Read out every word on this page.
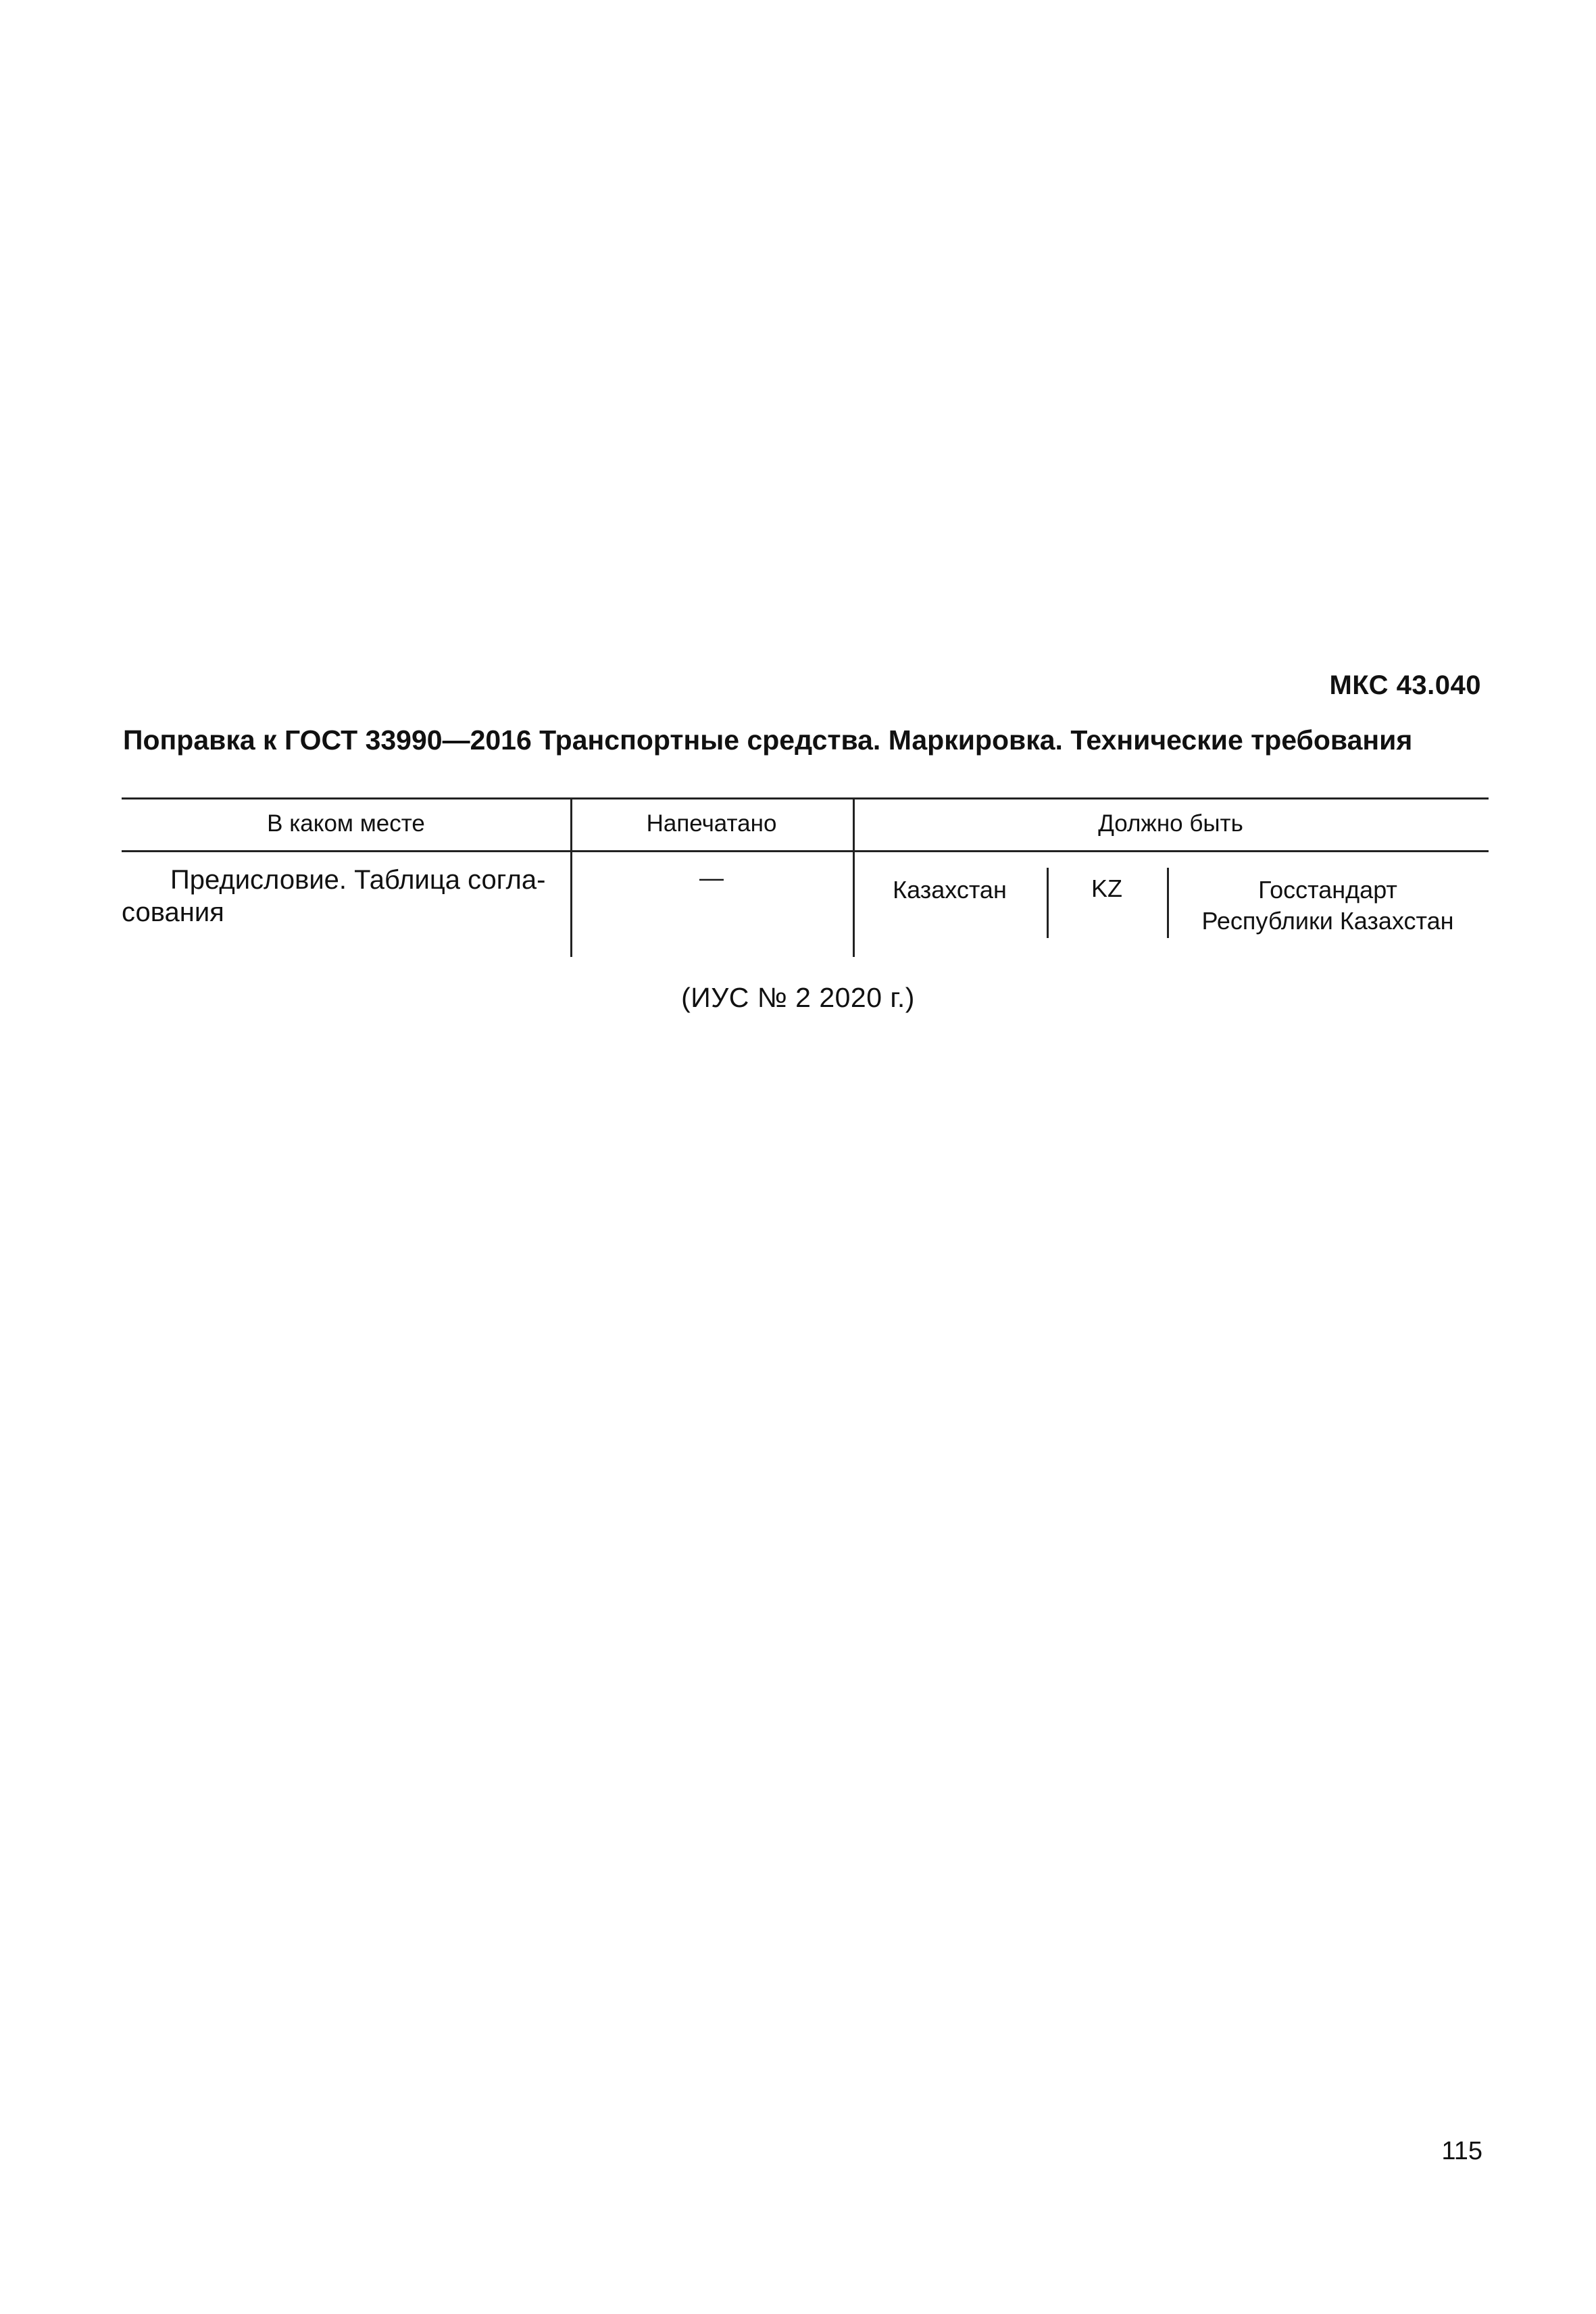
МКС 43.040
Поправка к ГОСТ 33990—2016 Транспортные средства. Маркировка. Технические требования
В каком месте	Напечатано	Должно быть
Предисловие. Таблица согла-
сования
—	Казахстан	KZ	Госстандарт
Республики Казахстан
(ИУС № 2 2020 г.)
115
